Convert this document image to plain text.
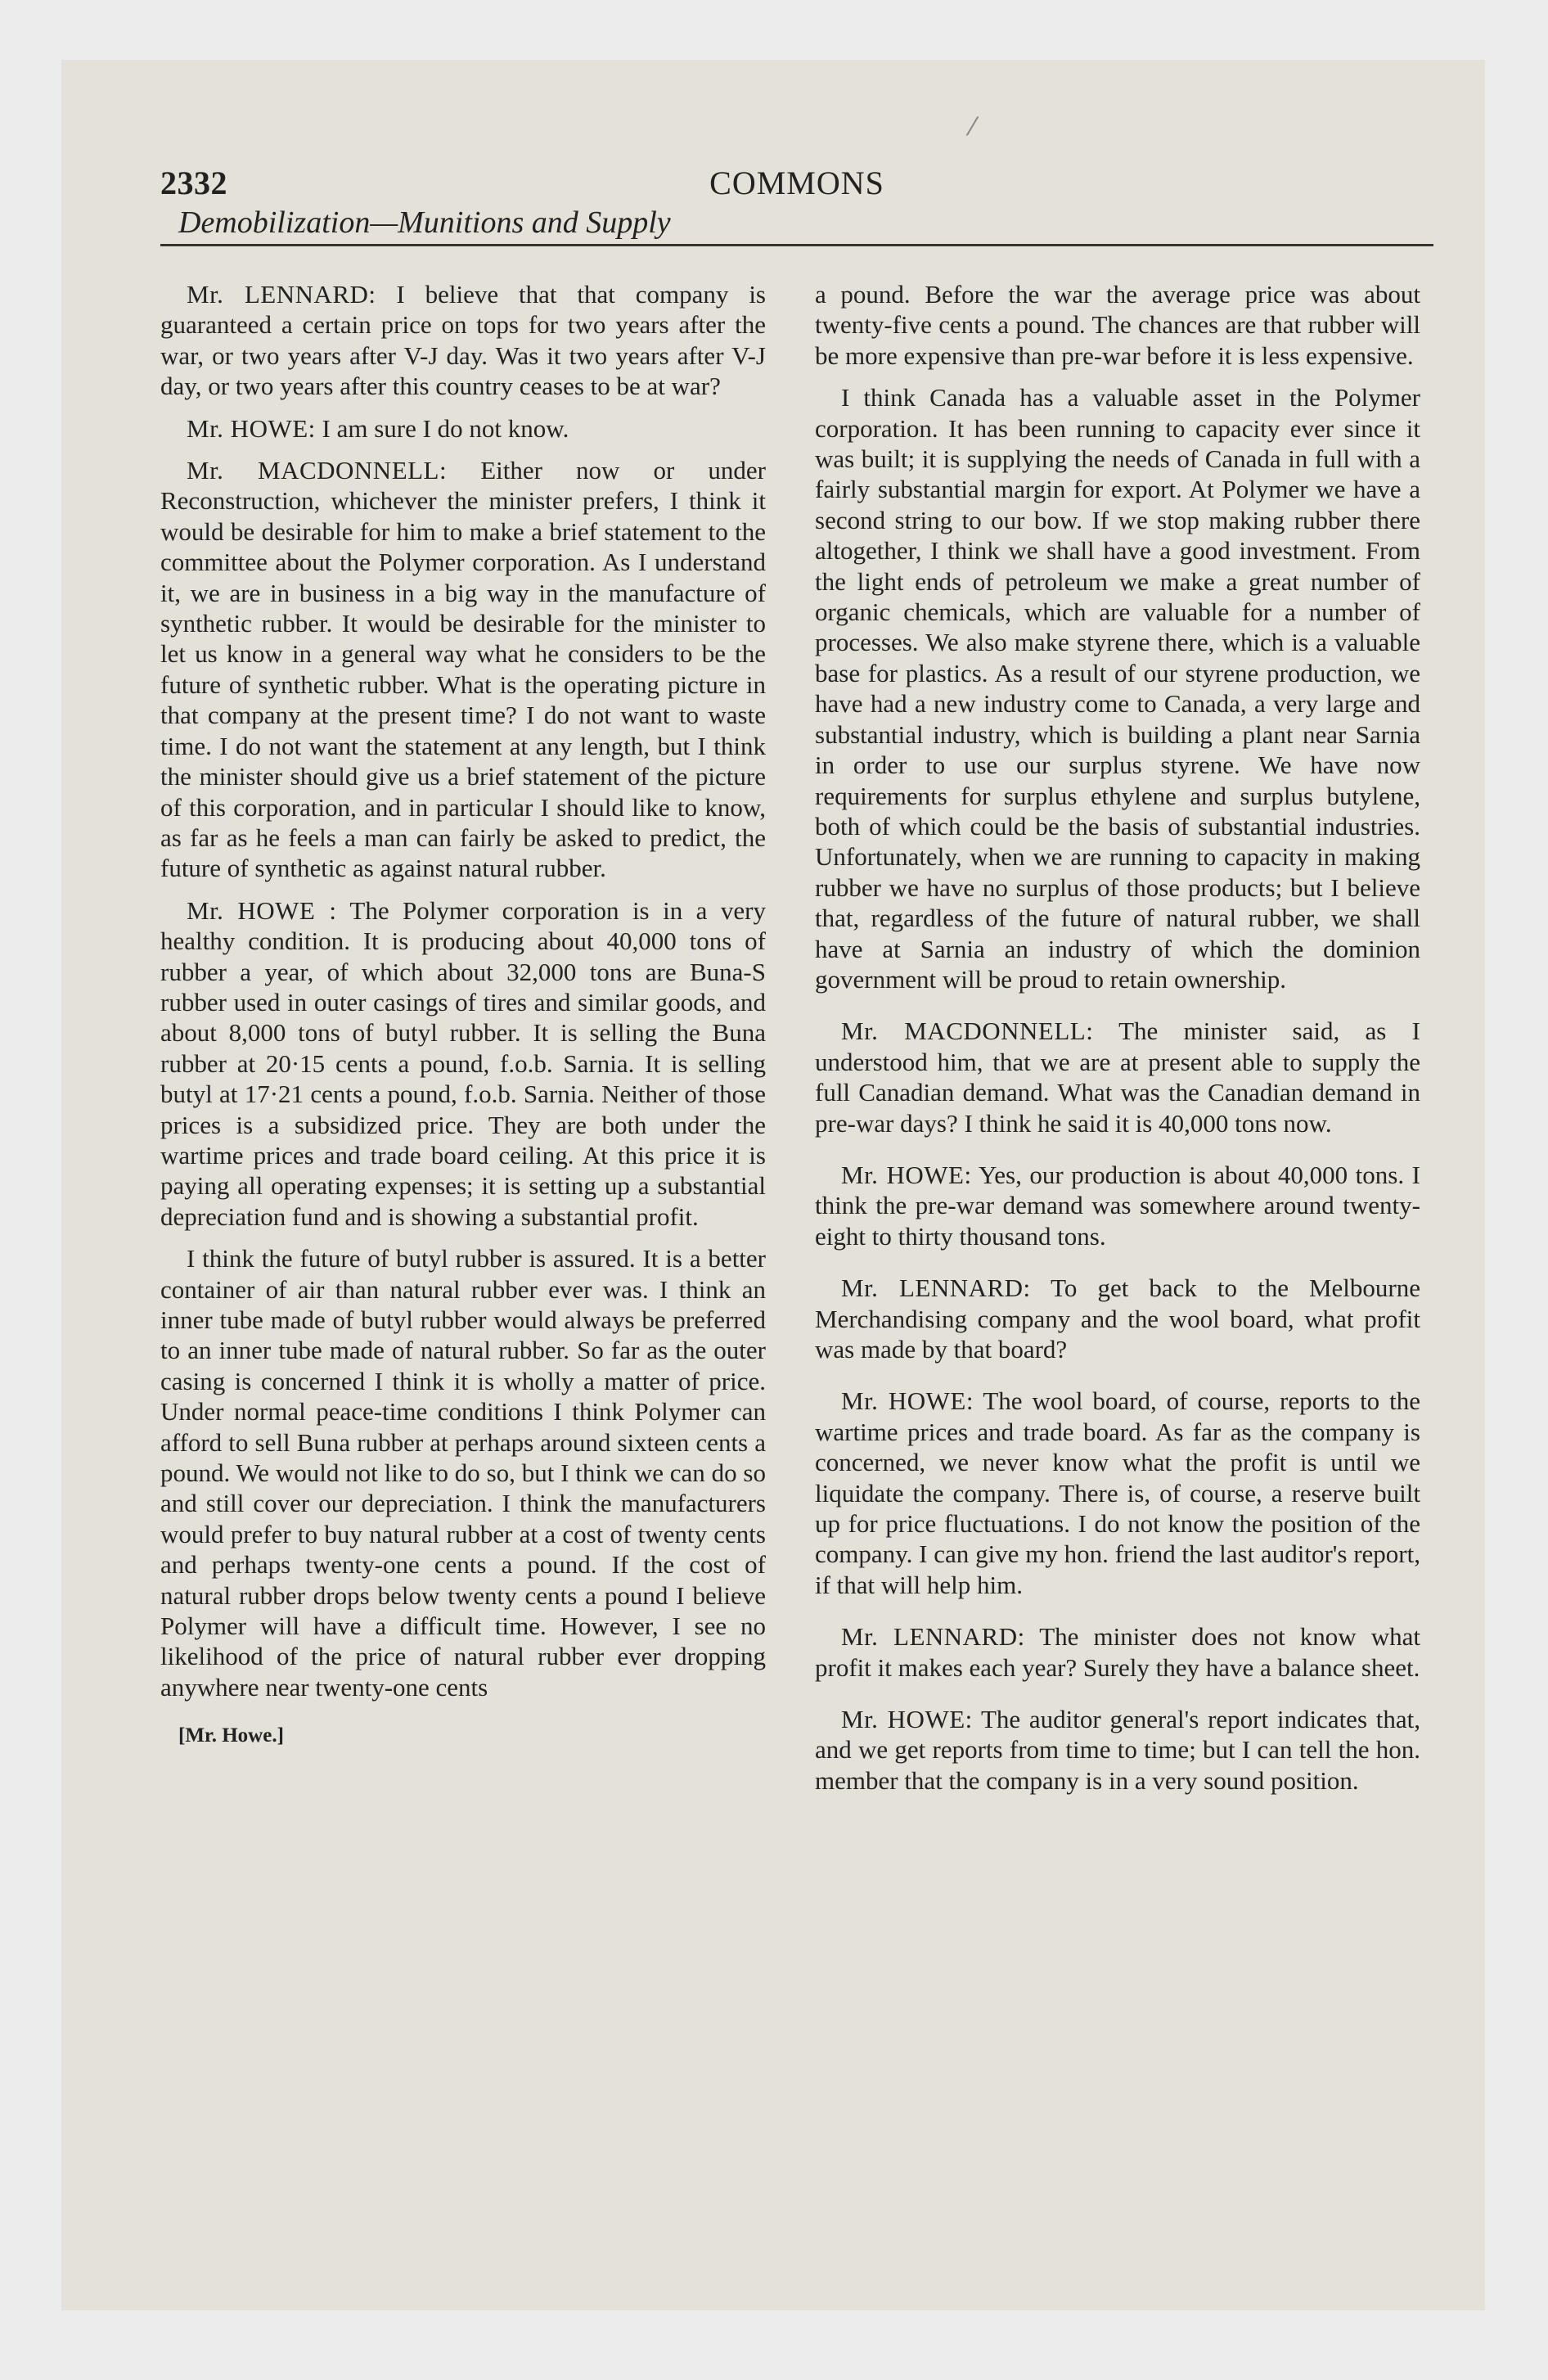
⁄
2332	COMMONS
Demobilization—Munitions and Supply

Mr. LENNARD: I believe that that company is guaranteed a certain price on tops for two years after the war, or two years after V-J day. Was it two years after V-J day, or two years after this country ceases to be at war?

Mr. HOWE: I am sure I do not know.

Mr. MACDONNELL: Either now or under Reconstruction, whichever the minister prefers, I think it would be desirable for him to make a brief statement to the committee about the Polymer corporation. As I understand it, we are in business in a big way in the manufacture of synthetic rubber. It would be desirable for the minister to let us know in a general way what he considers to be the future of synthetic rubber. What is the operating picture in that company at the present time? I do not want to waste time. I do not want the statement at any length, but I think the minister should give us a brief statement of the picture of this corporation, and in particular I should like to know, as far as he feels a man can fairly be asked to predict, the future of synthetic as against natural rubber.

Mr. HOWE : The Polymer corporation is in a very healthy condition. It is producing about 40,000 tons of rubber a year, of which about 32,000 tons are Buna-S rubber used in outer casings of tires and similar goods, and about 8,000 tons of butyl rubber. It is selling the Buna rubber at 20·15 cents a pound, f.o.b. Sarnia. It is selling butyl at 17·21 cents a pound, f.o.b. Sarnia. Neither of those prices is a subsidized price. They are both under the wartime prices and trade board ceiling. At this price it is paying all operating expenses; it is setting up a substantial depreciation fund and is showing a substantial profit.

I think the future of butyl rubber is assured. It is a better container of air than natural rubber ever was. I think an inner tube made of butyl rubber would always be preferred to an inner tube made of natural rubber. So far as the outer casing is concerned I think it is wholly a matter of price. Under normal peace-time conditions I think Polymer can afford to sell Buna rubber at perhaps around sixteen cents a pound. We would not like to do so, but I think we can do so and still cover our depreciation. I think the manufacturers would prefer to buy natural rubber at a cost of twenty cents and perhaps twenty-one cents a pound. If the cost of natural rubber drops below twenty cents a pound I believe Polymer will have a difficult time. However, I see no likelihood of the price of natural rubber ever dropping anywhere near twenty-one cents

[Mr. Howe.]

a pound. Before the war the average price was about twenty-five cents a pound. The chances are that rubber will be more expensive than pre-war before it is less expensive.

I think Canada has a valuable asset in the Polymer corporation. It has been running to capacity ever since it was built; it is supplying the needs of Canada in full with a fairly substantial margin for export. At Polymer we have a second string to our bow. If we stop making rubber there altogether, I think we shall have a good investment. From the light ends of petroleum we make a great number of organic chemicals, which are valuable for a number of processes. We also make styrene there, which is a valuable base for plastics. As a result of our styrene production, we have had a new industry come to Canada, a very large and substantial industry, which is building a plant near Sarnia in order to use our surplus styrene. We have now requirements for surplus ethylene and surplus butylene, both of which could be the basis of substantial industries. Unfortunately, when we are running to capacity in making rubber we have no surplus of those products; but I believe that, regardless of the future of natural rubber, we shall have at Sarnia an industry of which the dominion government will be proud to retain ownership.

Mr. MACDONNELL: The minister said, as I understood him, that we are at present able to supply the full Canadian demand. What was the Canadian demand in pre-war days? I think he said it is 40,000 tons now.

Mr. HOWE: Yes, our production is about 40,000 tons. I think the pre-war demand was somewhere around twenty-eight to thirty thousand tons.

Mr. LENNARD: To get back to the Melbourne Merchandising company and the wool board, what profit was made by that board?

Mr. HOWE: The wool board, of course, reports to the wartime prices and trade board. As far as the company is concerned, we never know what the profit is until we liquidate the company. There is, of course, a reserve built up for price fluctuations. I do not know the position of the company. I can give my hon. friend the last auditor's report, if that will help him.

Mr. LENNARD: The minister does not know what profit it makes each year? Surely they have a balance sheet.

Mr. HOWE: The auditor general's report indicates that, and we get reports from time to time; but I can tell the hon. member that the company is in a very sound position.
